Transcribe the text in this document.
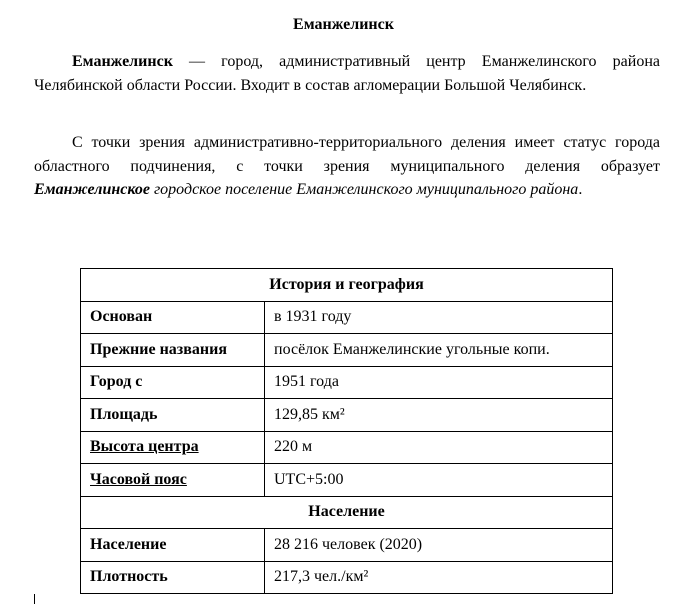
Еманжелинск

Еманжелинск — город, административный центр Еманжелинского района Челябинской области России. Входит в состав агломерации Большой Челябинск.

С точки зрения административно-территориального деления имеет статус города областного подчинения, с точки зрения муниципального деления образует Еманжелинское городское поселение Еманжелинского муниципального района.

История и география	
Основан	в 1931 году
Прежние названия	посёлок Еманжелинские угольные копи.
Город с	1951 года
Площадь	129,85 км²
Высота центра	220 м
Часовой пояс	UTC+5:00
Население	
Население	28 216 человек (2020)
Плотность	217,3 чел./км²
